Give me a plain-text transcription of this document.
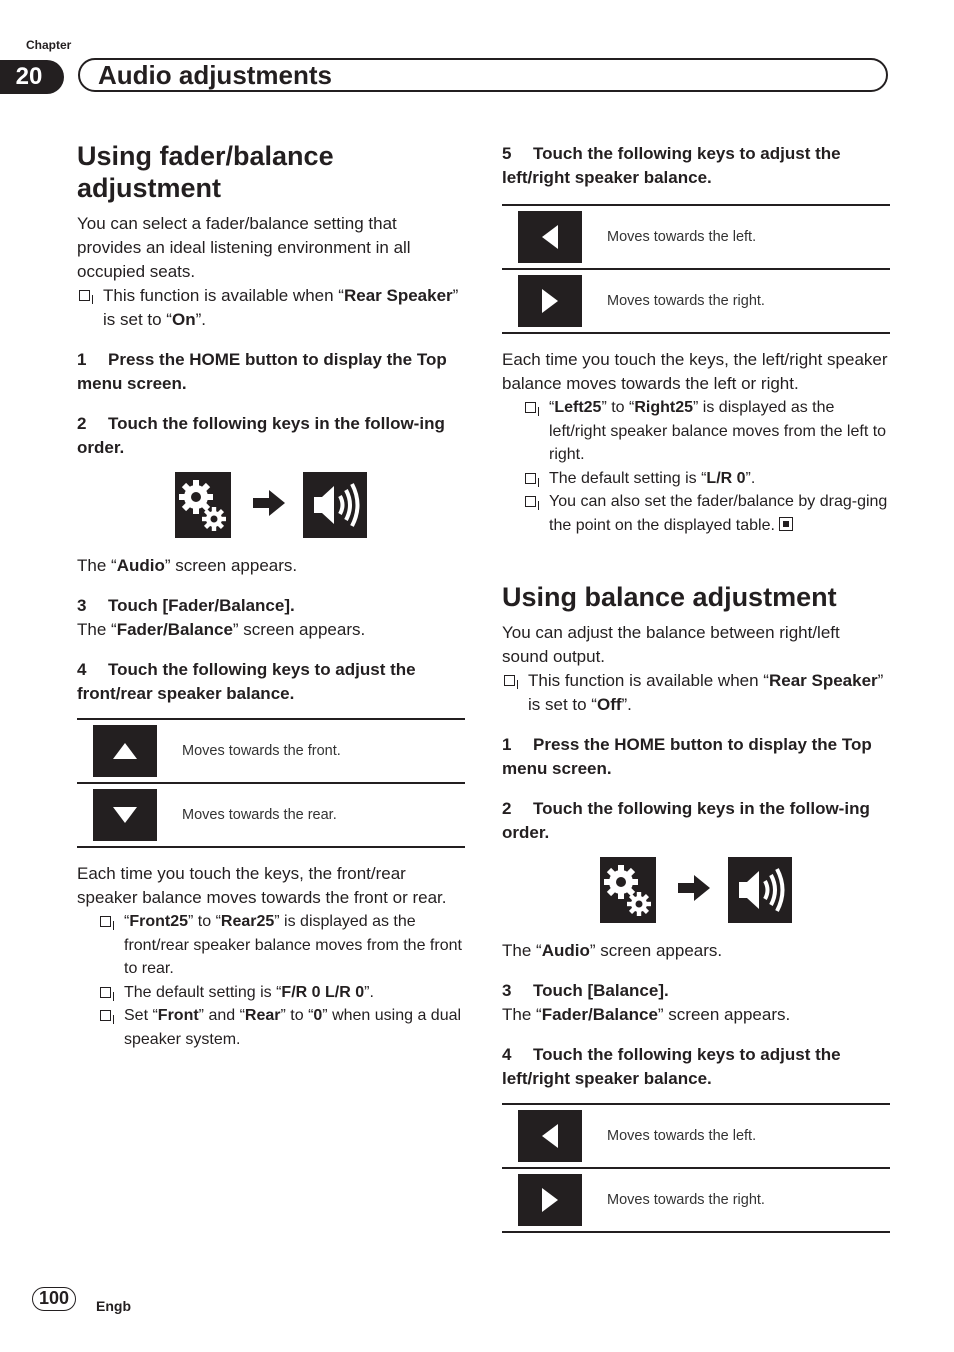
Chapter
20	Audio adjustments
Using fader/balance
adjustment

You can select a fader/balance setting that provides an ideal listening environment in all occupied seats.

This function is available when “Rear Speaker” is set to “On”.

1 Press the HOME button to display the Top menu screen.

2 Touch the following keys in the follow-ing order.

The “Audio” screen appears.

3 Touch [Fader/Balance].

The “Fader/Balance” screen appears.

4 Touch the following keys to adjust the front/rear speaker balance.

Moves towards the front.
Moves towards the rear.

Each time you touch the keys, the front/rear speaker balance moves towards the front or rear.

“Front25” to “Rear25” is displayed as the front/rear speaker balance moves from the front to rear.
The default setting is “F/R 0 L/R 0”.
Set “Front” and “Rear” to “0” when using a dual speaker system.

5 Touch the following keys to adjust the left/right speaker balance.

Moves towards the left.
Moves towards the right.

Each time you touch the keys, the left/right speaker balance moves towards the left or right.

“Left25” to “Right25” is displayed as the left/right speaker balance moves from the left to right.
The default setting is “L/R 0”.
You can also set the fader/balance by drag-ging the point on the displayed table.
Using balance adjustment

You can adjust the balance between right/left sound output.

This function is available when “Rear Speaker” is set to “Off”.

1 Press the HOME button to display the Top menu screen.

2 Touch the following keys in the follow-ing order.

The “Audio” screen appears.

3 Touch [Balance].

The “Fader/Balance” screen appears.

4 Touch the following keys to adjust the left/right speaker balance.

Moves towards the left.
Moves towards the right.
100	Engb
